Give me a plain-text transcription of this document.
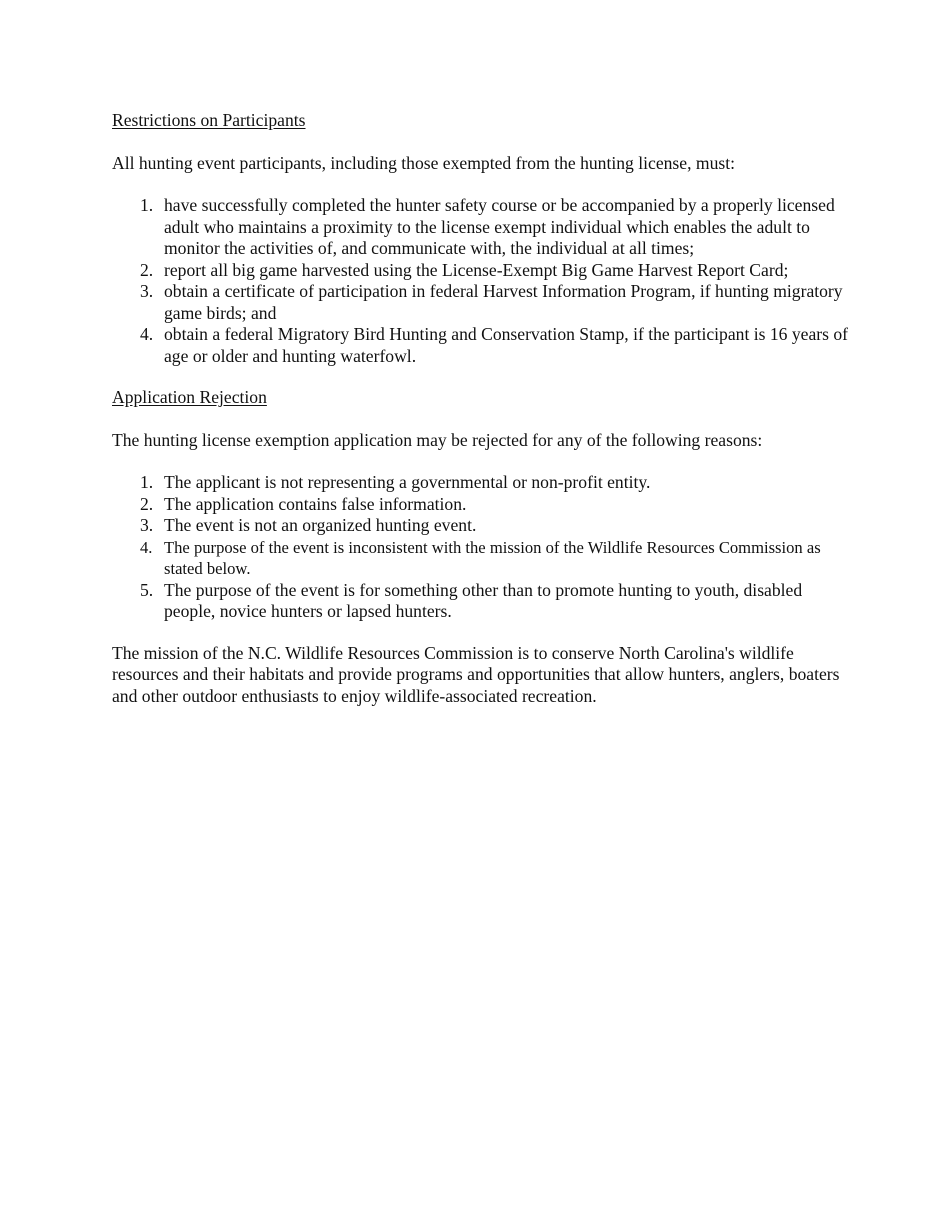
Restrictions on Participants

All hunting event participants, including those exempted from the hunting license, must:

1. have successfully completed the hunter safety course or be accompanied by a properly licensed adult who maintains a proximity to the license exempt individual which enables the adult to monitor the activities of, and communicate with, the individual at all times;
2. report all big game harvested using the License-Exempt Big Game Harvest Report Card;
3. obtain a certificate of participation in federal Harvest Information Program, if hunting migratory game birds; and
4. obtain a federal Migratory Bird Hunting and Conservation Stamp, if the participant is 16 years of age or older and hunting waterfowl.

Application Rejection

The hunting license exemption application may be rejected for any of the following reasons:

1. The applicant is not representing a governmental or non-profit entity.
2. The application contains false information.
3. The event is not an organized hunting event.
4. The purpose of the event is inconsistent with the mission of the Wildlife Resources Commission as stated below.
5. The purpose of the event is for something other than to promote hunting to youth, disabled people, novice hunters or lapsed hunters.

The mission of the N.C. Wildlife Resources Commission is to conserve North Carolina's wildlife resources and their habitats and provide programs and opportunities that allow hunters, anglers, boaters and other outdoor enthusiasts to enjoy wildlife-associated recreation.
